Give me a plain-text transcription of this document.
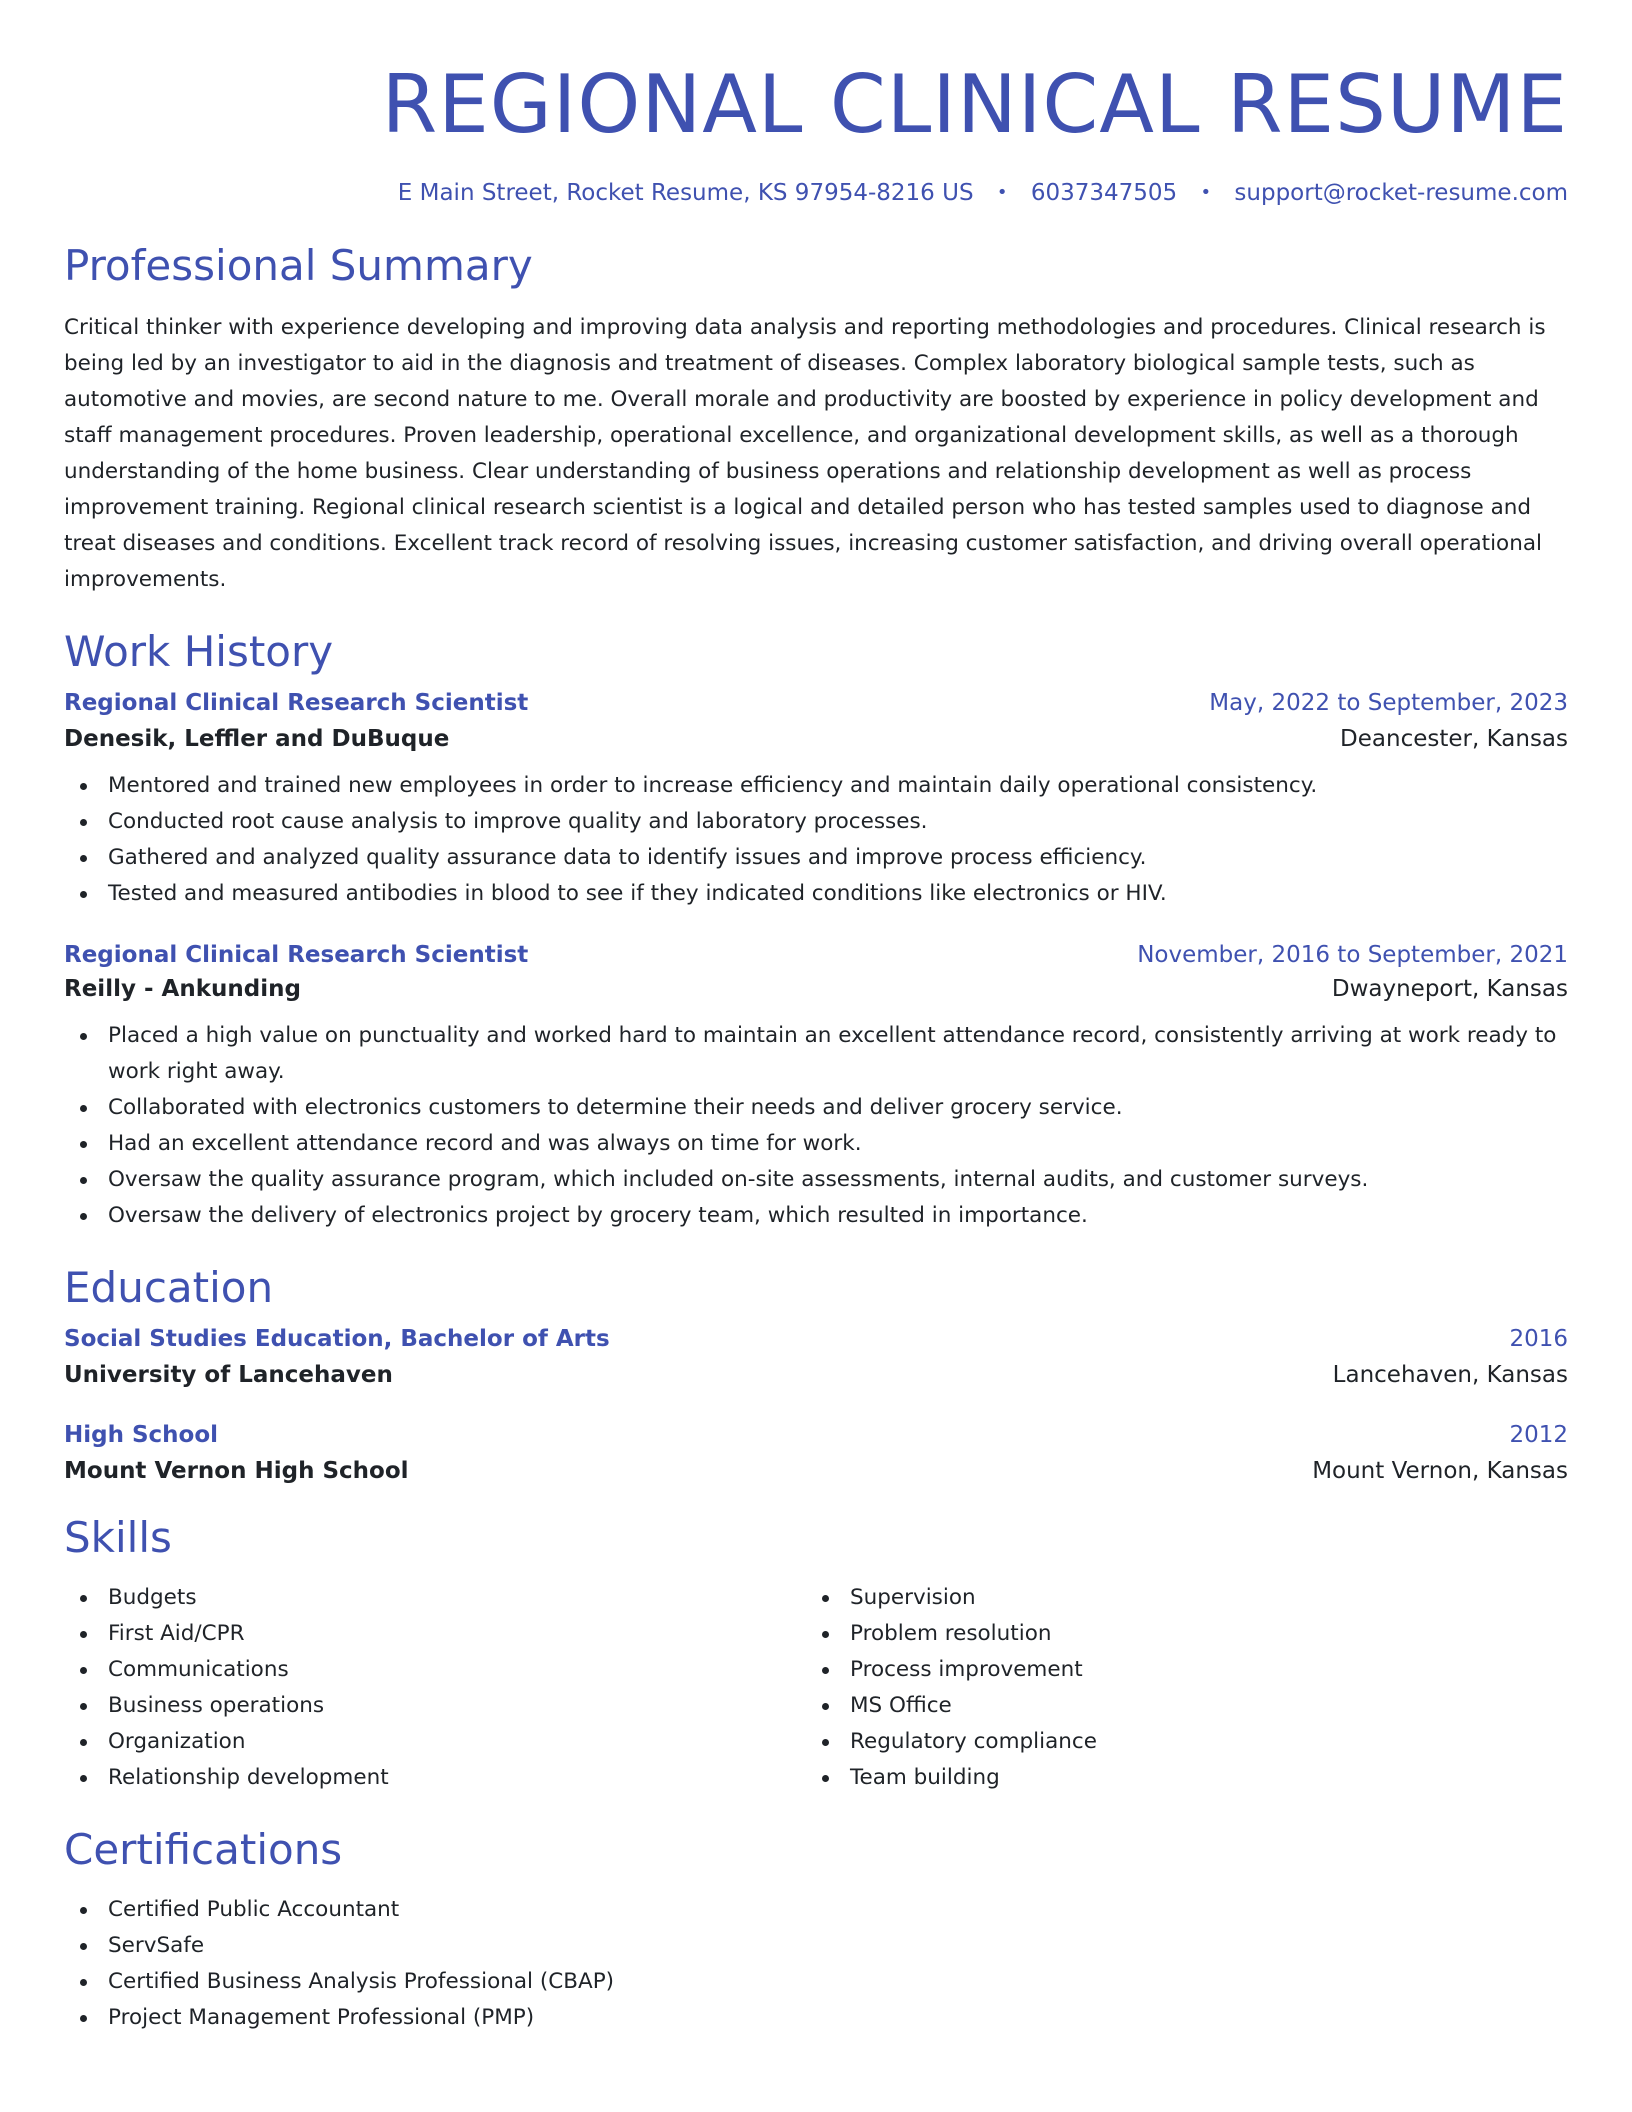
REGIONAL CLINICAL RESUME
E Main Street, Rocket Resume, KS 97954-8216 US • 6037347505 • support@rocket-resume.com
Professional Summary

Critical thinker with experience developing and improving data analysis and reporting methodologies and procedures. Clinical research is being led by an investigator to aid in the diagnosis and treatment of diseases. Complex laboratory biological sample tests, such as automotive and movies, are second nature to me. Overall morale and productivity are boosted by experience in policy development and staff management procedures. Proven leadership, operational excellence, and organizational development skills, as well as a thorough understanding of the home business. Clear understanding of business operations and relationship development as well as process improvement training. Regional clinical research scientist is a logical and detailed person who has tested samples used to diagnose and treat diseases and conditions. Excellent track record of resolving issues, increasing customer satisfaction, and driving overall operational improvements.

Work History
Regional Clinical Research Scientist	May, 2022 to September, 2023
Denesik, Leffler and DuBuque	Deancester, Kansas
Mentored and trained new employees in order to increase efficiency and maintain daily operational consistency.
Conducted root cause analysis to improve quality and laboratory processes.
Gathered and analyzed quality assurance data to identify issues and improve process efficiency.
Tested and measured antibodies in blood to see if they indicated conditions like electronics or HIV.
Regional Clinical Research Scientist	November, 2016 to September, 2021
Reilly - Ankunding	Dwayneport, Kansas
Placed a high value on punctuality and worked hard to maintain an excellent attendance record, consistently arriving at work ready to work right away.
Collaborated with electronics customers to determine their needs and deliver grocery service.
Had an excellent attendance record and was always on time for work.
Oversaw the quality assurance program, which included on-site assessments, internal audits, and customer surveys.
Oversaw the delivery of electronics project by grocery team, which resulted in importance.
Education
Social Studies Education, Bachelor of Arts	2016
University of Lancehaven	Lancehaven, Kansas
High School	2012
Mount Vernon High School	Mount Vernon, Kansas
Skills
Budgets
First Aid/CPR
Communications
Business operations
Organization
Relationship development
Supervision
Problem resolution
Process improvement
MS Office
Regulatory compliance
Team building
Certifications
Certified Public Accountant
ServSafe
Certified Business Analysis Professional (CBAP)
Project Management Professional (PMP)
